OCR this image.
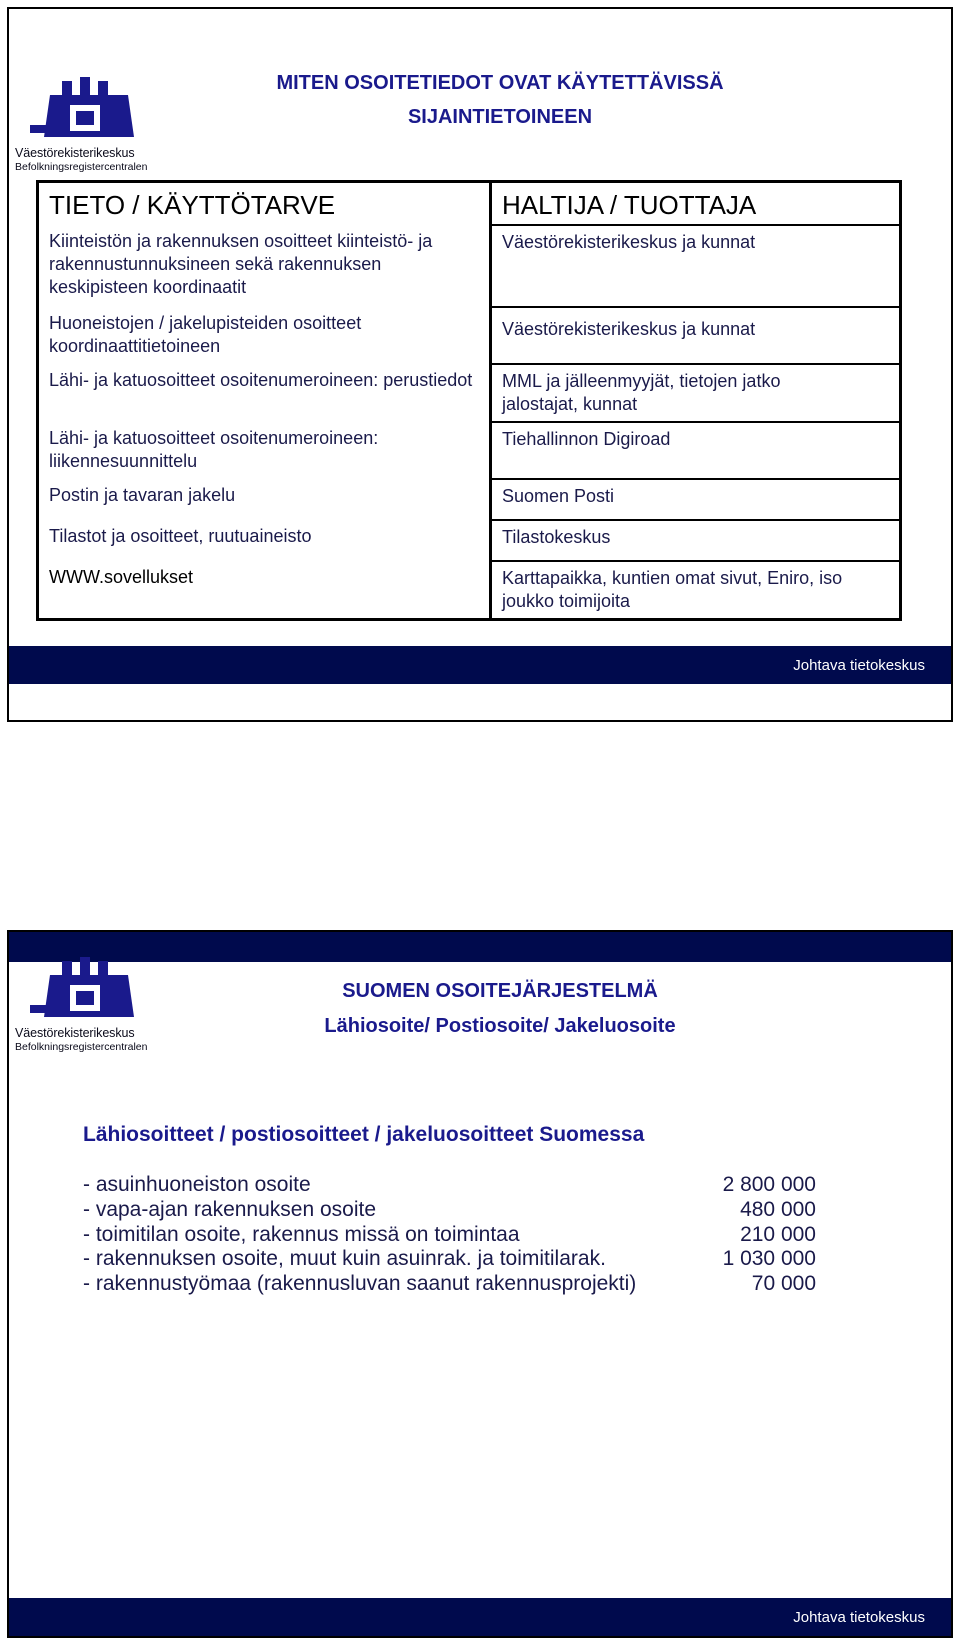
Väestörekisterikeskus
Befolkningsregistercentralen
MITEN OSOITETIEDOT OVAT KÄYTETTÄVISSÄ
SIJAINTIETOINEEN
TIETO / KÄYTTÖTARVE	HALTIJA / TUOTTAJA
Kiinteistön ja rakennuksen osoitteet kiinteistö- ja rakennustunnuksineen sekä rakennuksen keskipisteen koordinaatit	Väestörekisterikeskus ja kunnat
Huoneistojen / jakelupisteiden osoitteet koordinaattitietoineen	Väestörekisterikeskus ja kunnat
Lähi- ja katuosoitteet osoitenumeroineen: perustiedot	MML ja jälleenmyyjät, tietojen jatko jalostajat, kunnat
Lähi- ja katuosoitteet osoitenumeroineen: liikennesuunnittelu	Tiehallinnon Digiroad
Postin ja tavaran jakelu	Suomen Posti
Tilastot ja osoitteet, ruutuaineisto	Tilastokeskus
WWW.sovellukset	Karttapaikka, kuntien omat sivut, Eniro, iso joukko toimijoita
Johtava tietokeskus
Väestörekisterikeskus
Befolkningsregistercentralen
SUOMEN OSOITEJÄRJESTELMÄ
Lähiosoite/ Postiosoite/ Jakeluosoite
Lähiosoitteet / postiosoitteet / jakeluosoitteet Suomessa
- asuinhuoneiston osoite	2 800 000
- vapa-ajan rakennuksen osoite	480 000
- toimitilan osoite, rakennus missä on toimintaa	210 000
- rakennuksen osoite, muut kuin asuinrak. ja toimitilarak.	1 030 000
- rakennustyömaa (rakennusluvan saanut rakennusprojekti)	70 000
Johtava tietokeskus
